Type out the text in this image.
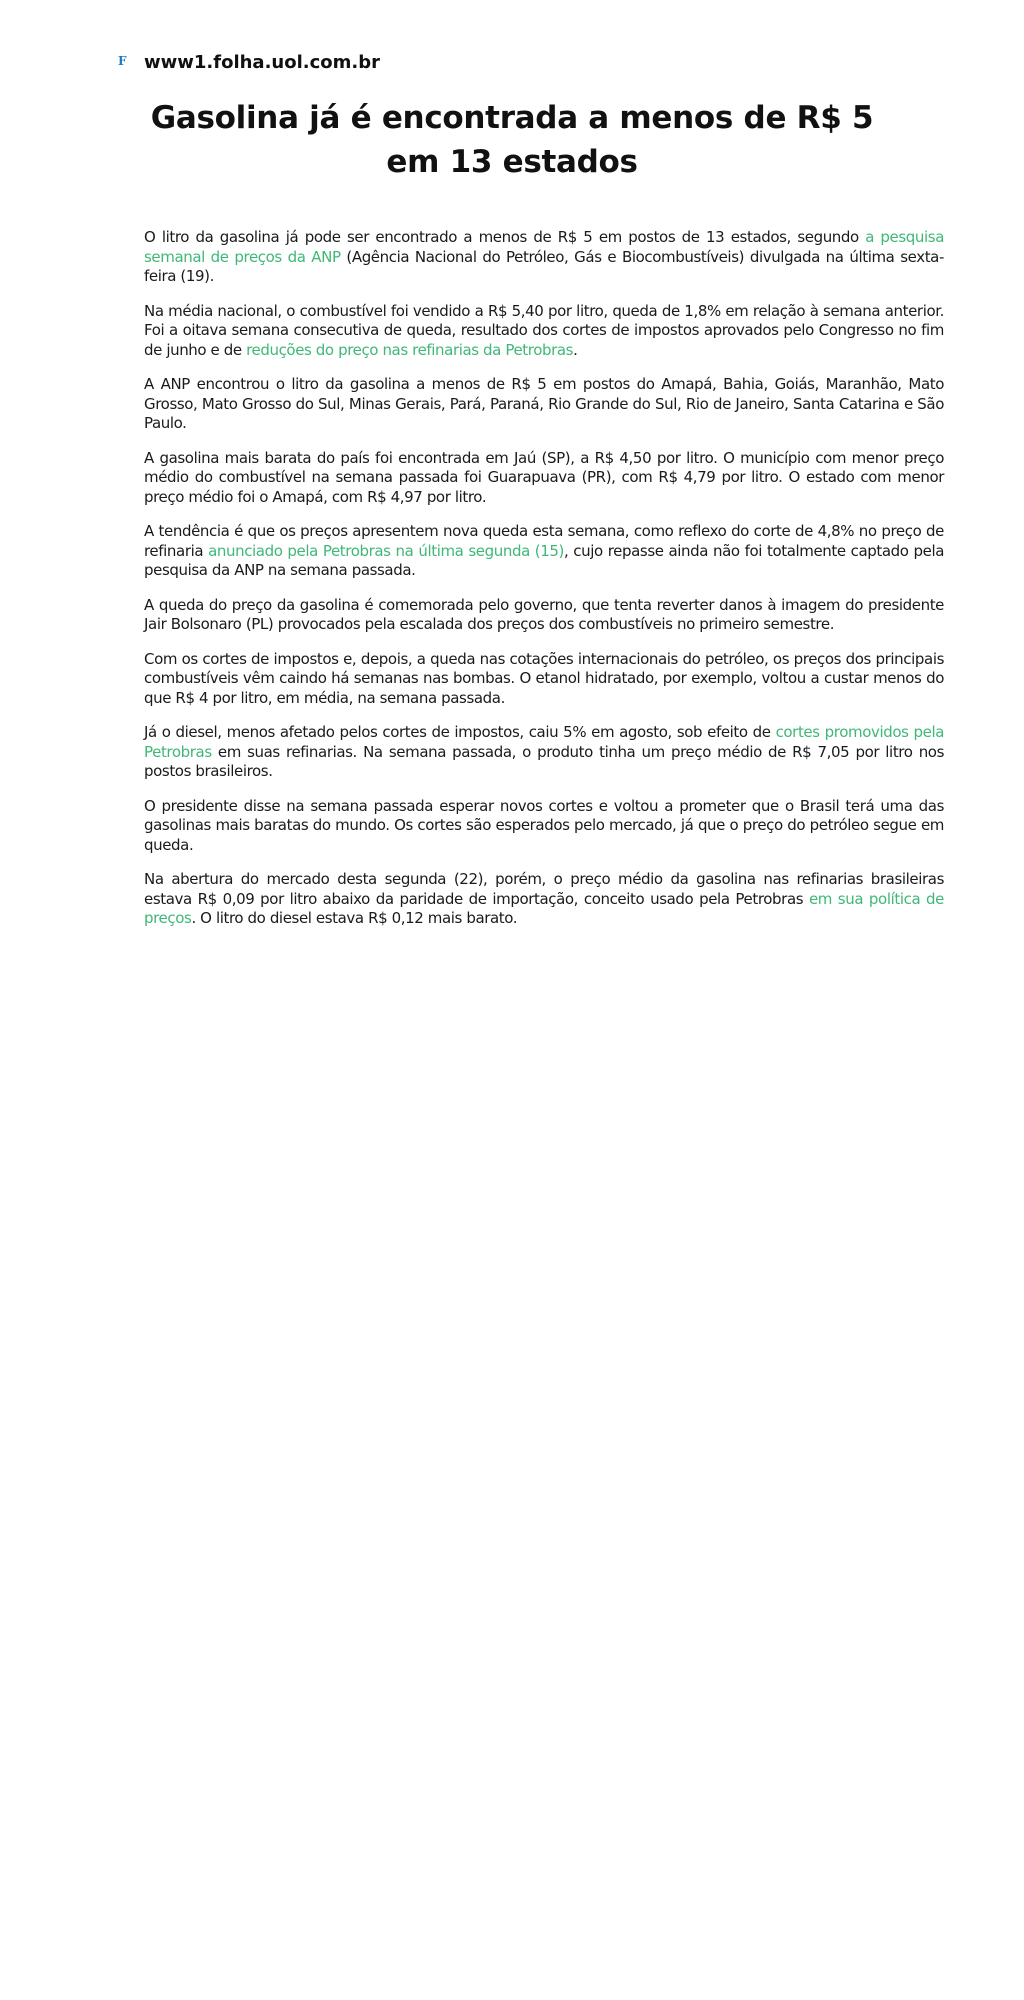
F www1.folha.uol.com.br
Gasolina já é encontrada a menos de R$ 5 em 13 estados

O litro da gasolina já pode ser encontrado a menos de R$ 5 em postos de 13 estados, segundo a pesquisa semanal de preços da ANP (Agência Nacional do Petróleo, Gás e Biocombustíveis) divulgada na última sexta-feira (19).

Na média nacional, o combustível foi vendido a R$ 5,40 por litro, queda de 1,8% em relação à semana anterior. Foi a oitava semana consecutiva de queda, resultado dos cortes de impostos aprovados pelo Congresso no fim de junho e de reduções do preço nas refinarias da Petrobras.

A ANP encontrou o litro da gasolina a menos de R$ 5 em postos do Amapá, Bahia, Goiás, Maranhão, Mato Grosso, Mato Grosso do Sul, Minas Gerais, Pará, Paraná, Rio Grande do Sul, Rio de Janeiro, Santa Catarina e São Paulo.

A gasolina mais barata do país foi encontrada em Jaú (SP), a R$ 4,50 por litro. O município com menor preço médio do combustível na semana passada foi Guarapuava (PR), com R$ 4,79 por litro. O estado com menor preço médio foi o Amapá, com R$ 4,97 por litro.

A tendência é que os preços apresentem nova queda esta semana, como reflexo do corte de 4,8% no preço de refinaria anunciado pela Petrobras na última segunda (15), cujo repasse ainda não foi totalmente captado pela pesquisa da ANP na semana passada.

A queda do preço da gasolina é comemorada pelo governo, que tenta reverter danos à imagem do presidente Jair Bolsonaro (PL) provocados pela escalada dos preços dos combustíveis no primeiro semestre.

Com os cortes de impostos e, depois, a queda nas cotações internacionais do petróleo, os preços dos principais combustíveis vêm caindo há semanas nas bombas. O etanol hidratado, por exemplo, voltou a custar menos do que R$ 4 por litro, em média, na semana passada.

Já o diesel, menos afetado pelos cortes de impostos, caiu 5% em agosto, sob efeito de cortes promovidos pela Petrobras em suas refinarias. Na semana passada, o produto tinha um preço médio de R$ 7,05 por litro nos postos brasileiros.

O presidente disse na semana passada esperar novos cortes e voltou a prometer que o Brasil terá uma das gasolinas mais baratas do mundo. Os cortes são esperados pelo mercado, já que o preço do petróleo segue em queda.

Na abertura do mercado desta segunda (22), porém, o preço médio da gasolina nas refinarias brasileiras estava R$ 0,09 por litro abaixo da paridade de importação, conceito usado pela Petrobras em sua política de preços. O litro do diesel estava R$ 0,12 mais barato.
